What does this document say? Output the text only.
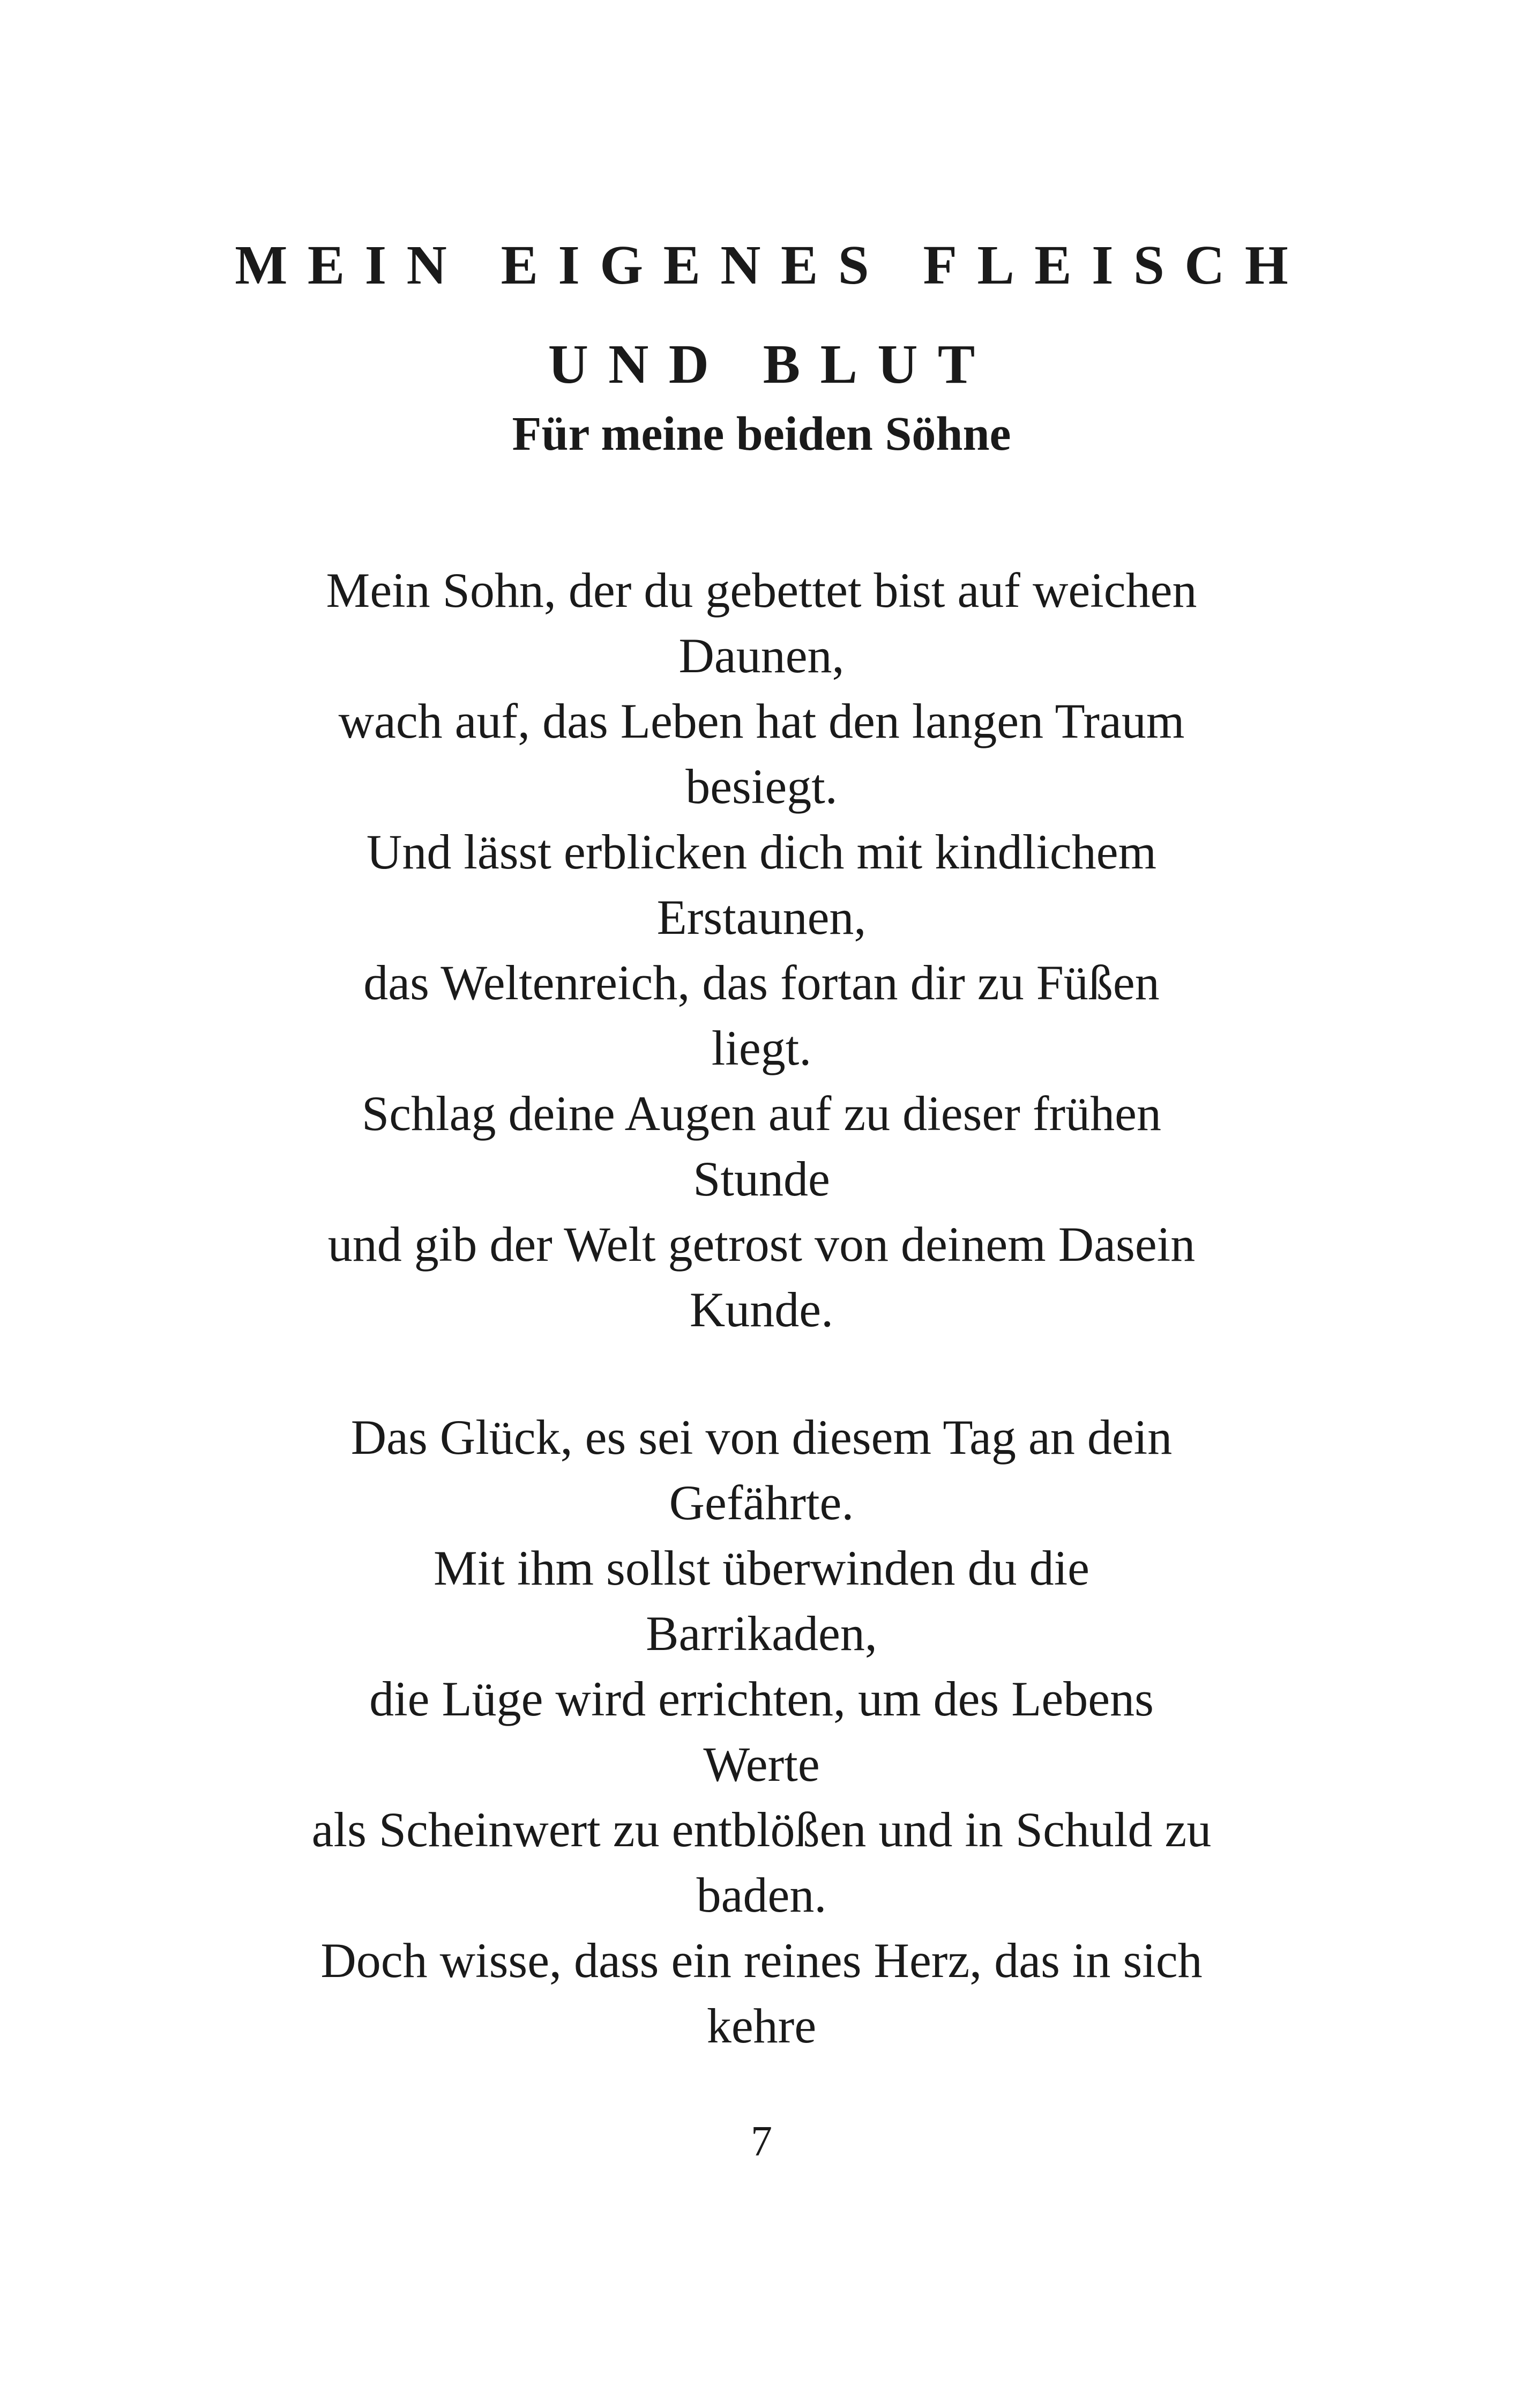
MEIN EIGENES FLEISCH
UND BLUT
Für meine beiden Söhne
Mein Sohn, der du gebettet bist auf weichen
Daunen,
wach auf, das Leben hat den langen Traum
besiegt.
Und lässt erblicken dich mit kindlichem
Erstaunen,
das Weltenreich, das fortan dir zu Füßen
liegt.
Schlag deine Augen auf zu dieser frühen
Stunde
und gib der Welt getrost von deinem Dasein
Kunde.
Das Glück, es sei von diesem Tag an dein
Gefährte.
Mit ihm sollst überwinden du die
Barrikaden,
die Lüge wird errichten, um des Lebens
Werte
als Scheinwert zu entblößen und in Schuld zu
baden.
Doch wisse, dass ein reines Herz, das in sich
kehre
7
